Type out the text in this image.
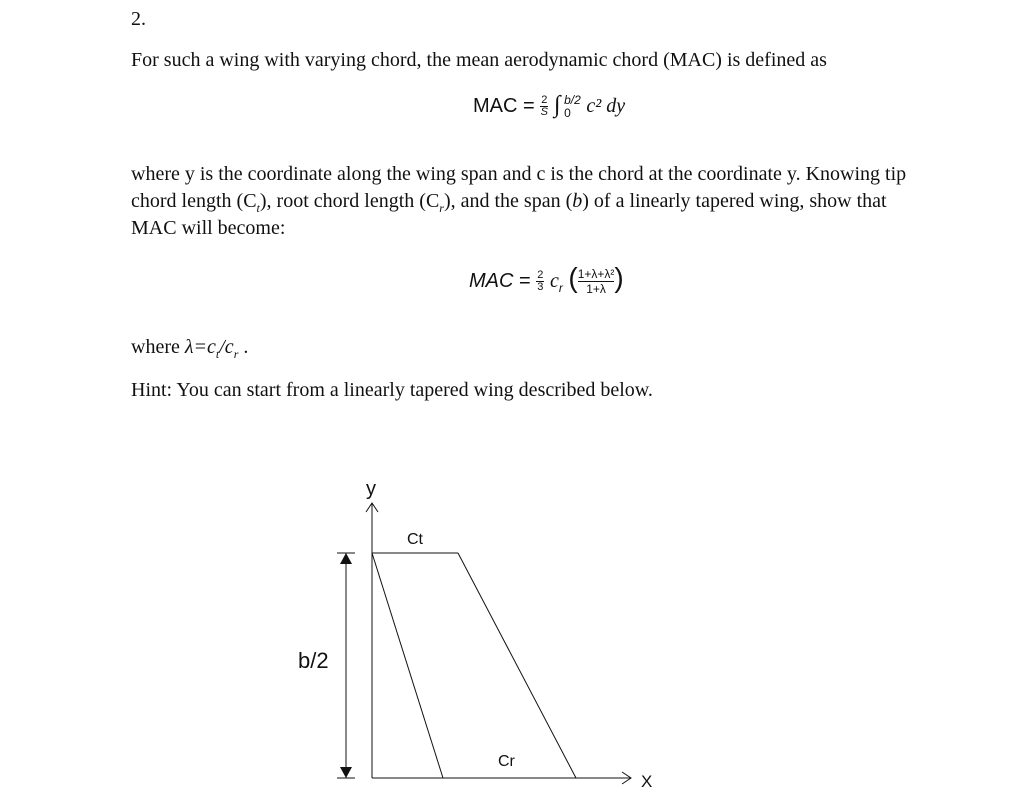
2.
For such a wing with varying chord, the mean aerodynamic chord (MAC) is defined as
MAC = $\frac{2}{S}$ ∫ b/2
0 c² dy
where y is the coordinate along the wing span and c is the chord at the coordinate y. Knowing tip
chord length $(C_t)$, root chord length $(C_r)$, and the span (b) of a linearly tapered wing, show that
MAC will become:
MAC = $\frac{2}{3} c_r$ ( $\frac{\text{1+λ+λ²}}{1+\lambda}$ )
where $\lambda=c_t/c_r$ .
Hint: You can start from a linearly tapered wing described below.
y
X
b/2
Ct
Cr
